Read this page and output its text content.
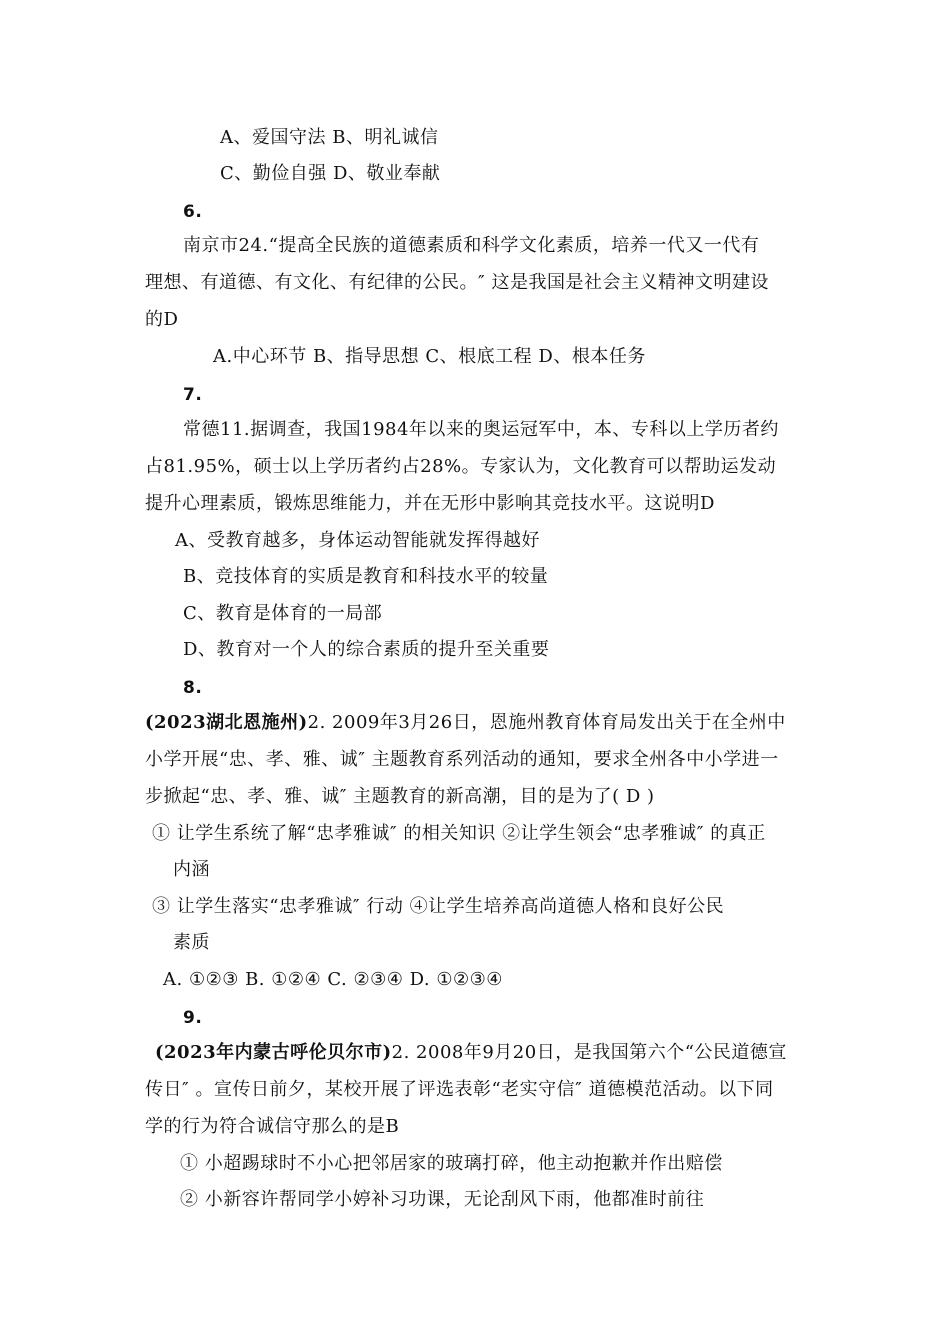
A、爱国守法 B、明礼诚信
C、勤俭自强 D、敬业奉献
6.
南京市24.“提高全民族的道德素质和科学文化素质，培养一代又一代有
理想、有道德、有文化、有纪律的公民。″ 这是我国是社会主义精神文明建设
的D
A.中心环节 B、指导思想 C、根底工程 D、根本任务
7.
常德11.据调查，我国1984年以来的奥运冠军中，本、专科以上学历者约
占81.95%，硕士以上学历者约占28%。专家认为，文化教育可以帮助运发动
提升心理素质，锻炼思维能力，并在无形中影响其竞技水平。这说明D
A、受教育越多，身体运动智能就发挥得越好
B、竞技体育的实质是教育和科技水平的较量
C、教育是体育的一局部
D、教育对一个人的综合素质的提升至关重要
8.
(2023湖北恩施州)2. 2009年3月26日，恩施州教育体育局发出关于在全州中
小学开展“忠、孝、雅、诚″ 主题教育系列活动的通知，要求全州各中小学进一
步掀起“忠、孝、雅、诚″ 主题教育的新高潮，目的是为了( D )
① 让学生系统了解“忠孝雅诚″ 的相关知识 ②让学生领会“忠孝雅诚″ 的真正
内涵
③ 让学生落实“忠孝雅诚″ 行动 ④让学生培养高尚道德人格和良好公民
素质
A. ①②③ B. ①②④ C. ②③④ D. ①②③④
9.
(2023年内蒙古呼伦贝尔市)2. 2008年9月20日，是我国第六个“公民道德宣
传日″ 。宣传日前夕，某校开展了评选表彰“老实守信″ 道德模范活动。以下同
学的行为符合诚信守那么的是B
① 小超踢球时不小心把邻居家的玻璃打碎，他主动抱歉并作出赔偿
② 小新容许帮同学小婷补习功课，无论刮风下雨，他都准时前往
